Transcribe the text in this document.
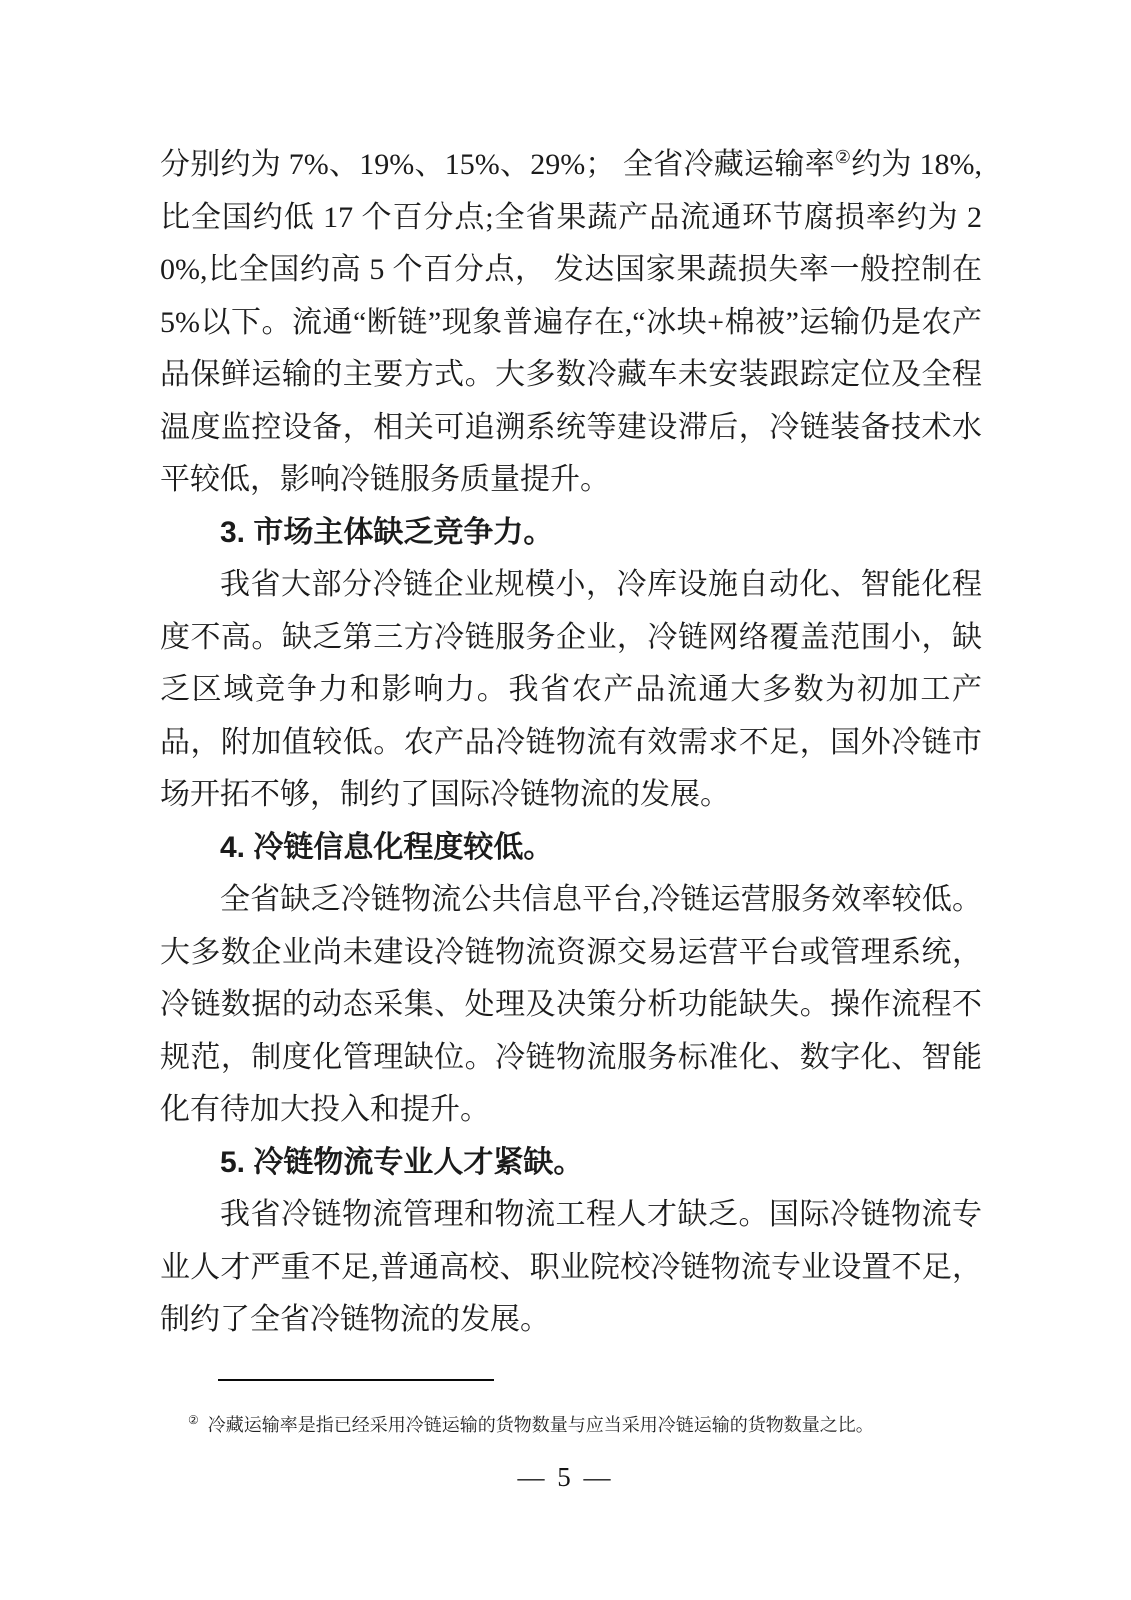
分别约为 7%、19%、15%、29%； 全省冷藏运输率②约为 18%,比全国约低 17 个百分点;全省果蔬产品流通环节腐损率约为 20%,比全国约高 5 个百分点， 发达国家果蔬损失率一般控制在 5%以下。流通“断链”现象普遍存在,“冰块+棉被”运输仍是农产品保鲜运输的主要方式。大多数冷藏车未安装跟踪定位及全程温度监控设备，相关可追溯系统等建设滞后，冷链装备技术水平较低，影响冷链服务质量提升。

3. 市场主体缺乏竞争力。

我省大部分冷链企业规模小，冷库设施自动化、智能化程度不高。缺乏第三方冷链服务企业，冷链网络覆盖范围小，缺乏区域竞争力和影响力。我省农产品流通大多数为初加工产品，附加值较低。农产品冷链物流有效需求不足，国外冷链市场开拓不够，制约了国际冷链物流的发展。

4. 冷链信息化程度较低。

全省缺乏冷链物流公共信息平台,冷链运营服务效率较低。大多数企业尚未建设冷链物流资源交易运营平台或管理系统，冷链数据的动态采集、处理及决策分析功能缺失。操作流程不规范，制度化管理缺位。冷链物流服务标准化、数字化、智能化有待加大投入和提升。

5. 冷链物流专业人才紧缺。

我省冷链物流管理和物流工程人才缺乏。国际冷链物流专业人才严重不足,普通高校、职业院校冷链物流专业设置不足，制约了全省冷链物流的发展。

② 冷藏运输率是指已经采用冷链运输的货物数量与应当采用冷链运输的货物数量之比。
— 5 —
